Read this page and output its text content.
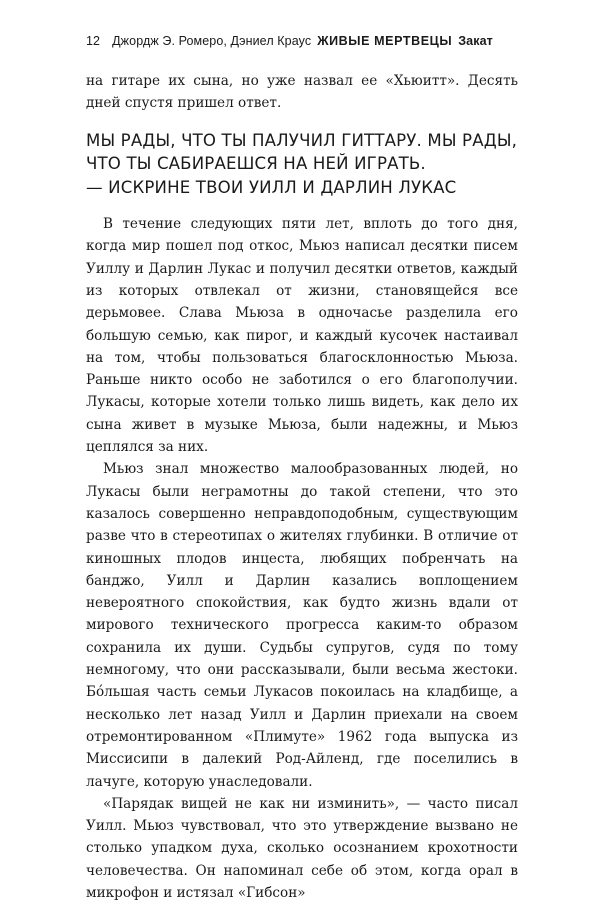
12 Джордж Э. Ромеро, Дэниел Краус ЖИВЫЕ МЕРТВЕЦЫ Закат

на гитаре их сына, но уже назвал ее «Хьюитт». Десять дней спустя пришел ответ.

МЫ РАДЫ, ЧТО ТЫ ПАЛУЧИЛ ГИТТАРУ. МЫ РАДЫ,
ЧТО ТЫ САБИРАЕШСЯ НА НЕЙ ИГРАТЬ.
— ИСКРИНЕ ТВОИ УИЛЛ И ДАРЛИН ЛУКАС

В течение следующих пяти лет, вплоть до того дня, когда мир пошел под откос, Мьюз написал десятки писем Уиллу и Дарлин Лукас и получил десятки ответов, каждый из которых отвлекал от жизни, становящейся все дерьмовее. Слава Мьюза в одночасье разделила его большую семью, как пирог, и каждый кусочек настаивал на том, чтобы пользоваться благосклонностью Мьюза. Раньше никто особо не заботился о его благополучии. Лукасы, которые хотели только лишь видеть, как дело их сына живет в музыке Мьюза, были надежны, и Мьюз цеплялся за них.

Мьюз знал множество малообразованных людей, но Лукасы были неграмотны до такой степени, что это казалось совершенно неправдоподобным, существующим разве что в стереотипах о жителях глубинки. В отличие от киношных плодов инцеста, любящих побренчать на банджо, Уилл и Дарлин казались воплощением невероятного спокойствия, как будто жизнь вдали от мирового технического прогресса каким-то образом сохранила их души. Судьбы супругов, судя по тому немногому, что они рассказывали, были весьма жестоки. Бóльшая часть семьи Лукасов покоилась на кладбище, а несколько лет назад Уилл и Дарлин приехали на своем отремонтированном «Плимуте» 1962 года выпуска из Миссисипи в далекий Род-Айленд, где поселились в лачуге, которую унаследовали.

«Парядак вищей не как ни изминить», — часто писал Уилл. Мьюз чувствовал, что это утверждение вызвано не столько упадком духа, сколько осознанием крохотности человечества. Он напоминал себе об этом, когда орал в микрофон и истязал «Гибсон»
